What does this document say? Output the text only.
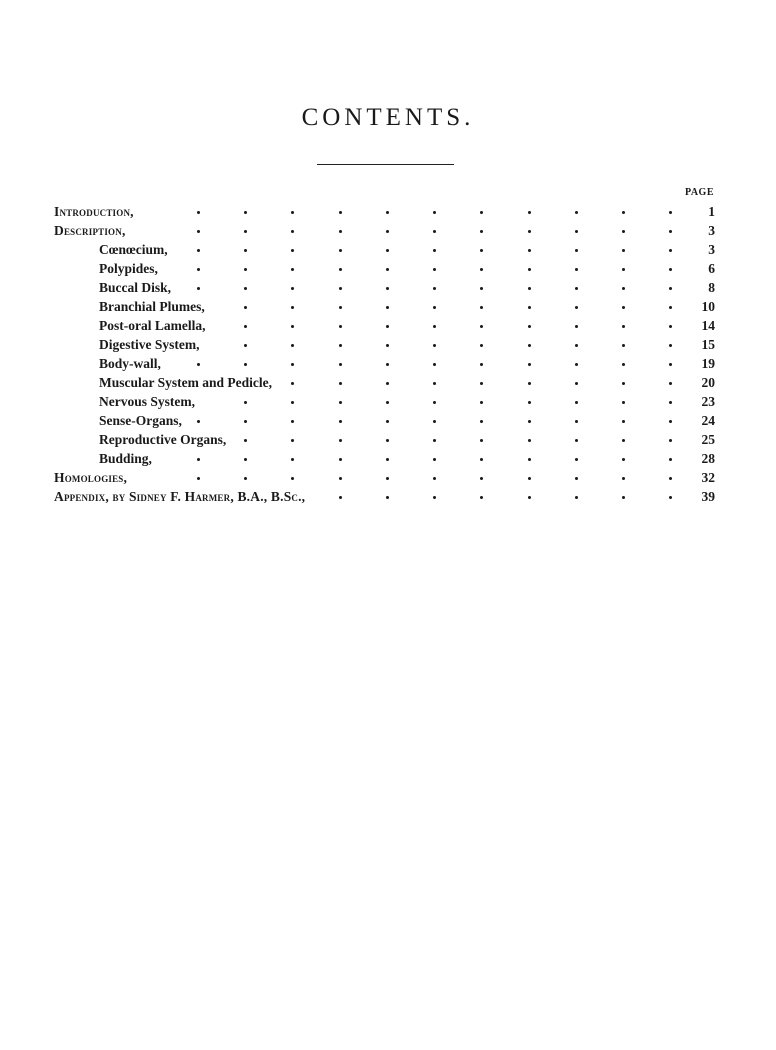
CONTENTS.
PAGE
Introduction,	1
Description,	3
Cœnœcium,	3
Polypides,	6
Buccal Disk,	8
Branchial Plumes,	10
Post-oral Lamella,	14
Digestive System,	15
Body-wall,	19
Muscular System and Pedicle,	20
Nervous System,	23
Sense-Organs,	24
Reproductive Organs,	25
Budding,	28
Homologies,	32
Appendix, by Sidney F. Harmer, B.A., B.Sc.,	39
